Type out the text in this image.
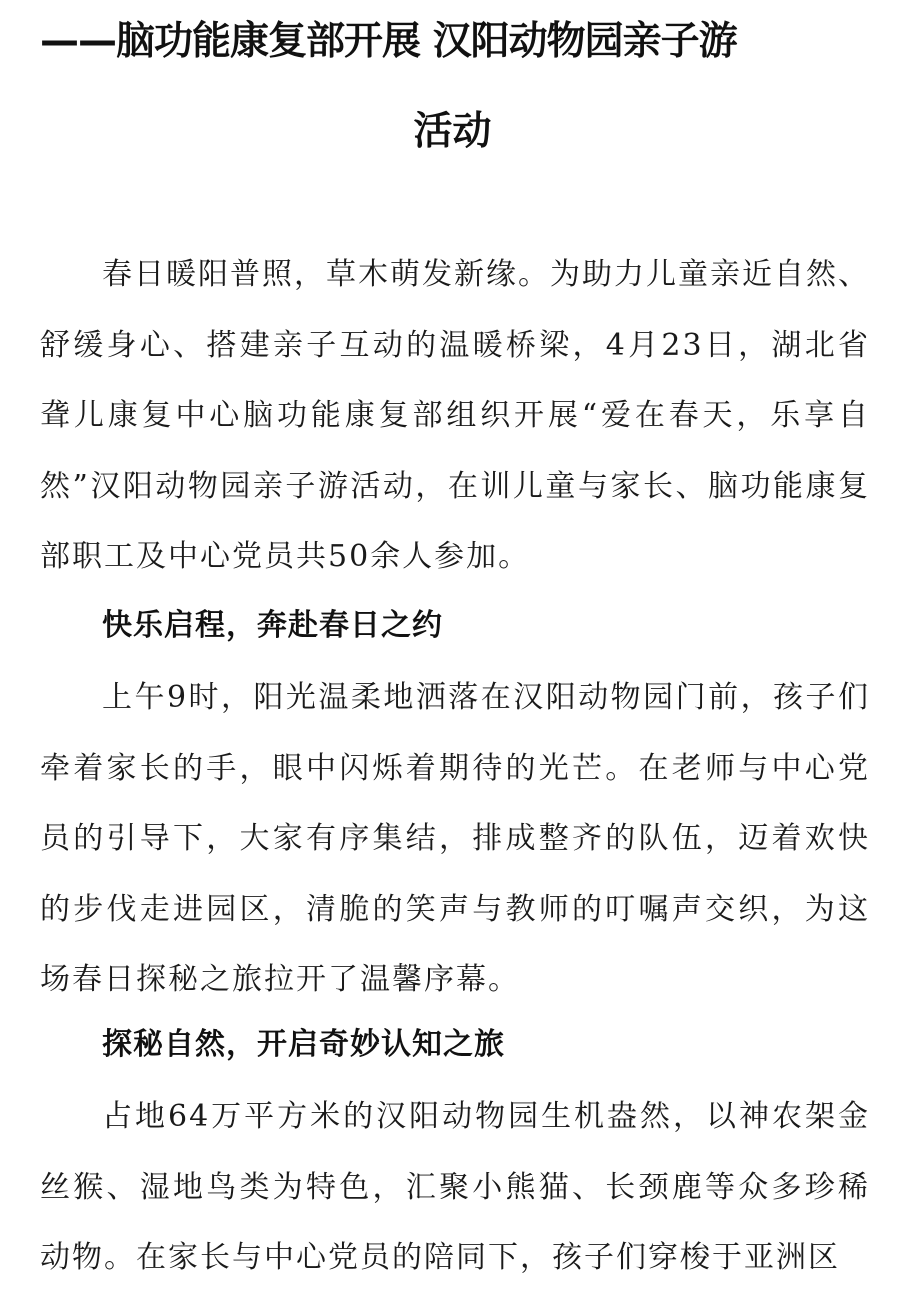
——脑功能康复部开展 汉阳动物园亲子游
活动
春日暖阳普照，草木萌发新缘。为助力儿童亲近自然、舒缓身心、搭建亲子互动的温暖桥梁，4月23日，湖北省聋儿康复中心脑功能康复部组织开展“爱在春天，乐享自然”汉阳动物园亲子游活动，在训儿童与家长、脑功能康复部职工及中心党员共50余人参加。
快乐启程，奔赴春日之约
上午9时，阳光温柔地洒落在汉阳动物园门前，孩子们牵着家长的手，眼中闪烁着期待的光芒。在老师与中心党员的引导下，大家有序集结，排成整齐的队伍，迈着欢快的步伐走进园区，清脆的笑声与教师的叮嘱声交织，为这场春日探秘之旅拉开了温馨序幕。
探秘自然，开启奇妙认知之旅
占地64万平方米的汉阳动物园生机盎然，以神农架金丝猴、湿地鸟类为特色，汇聚小熊猫、长颈鹿等众多珍稀动物。在家长与中心党员的陪同下，孩子们穿梭于亚洲区
